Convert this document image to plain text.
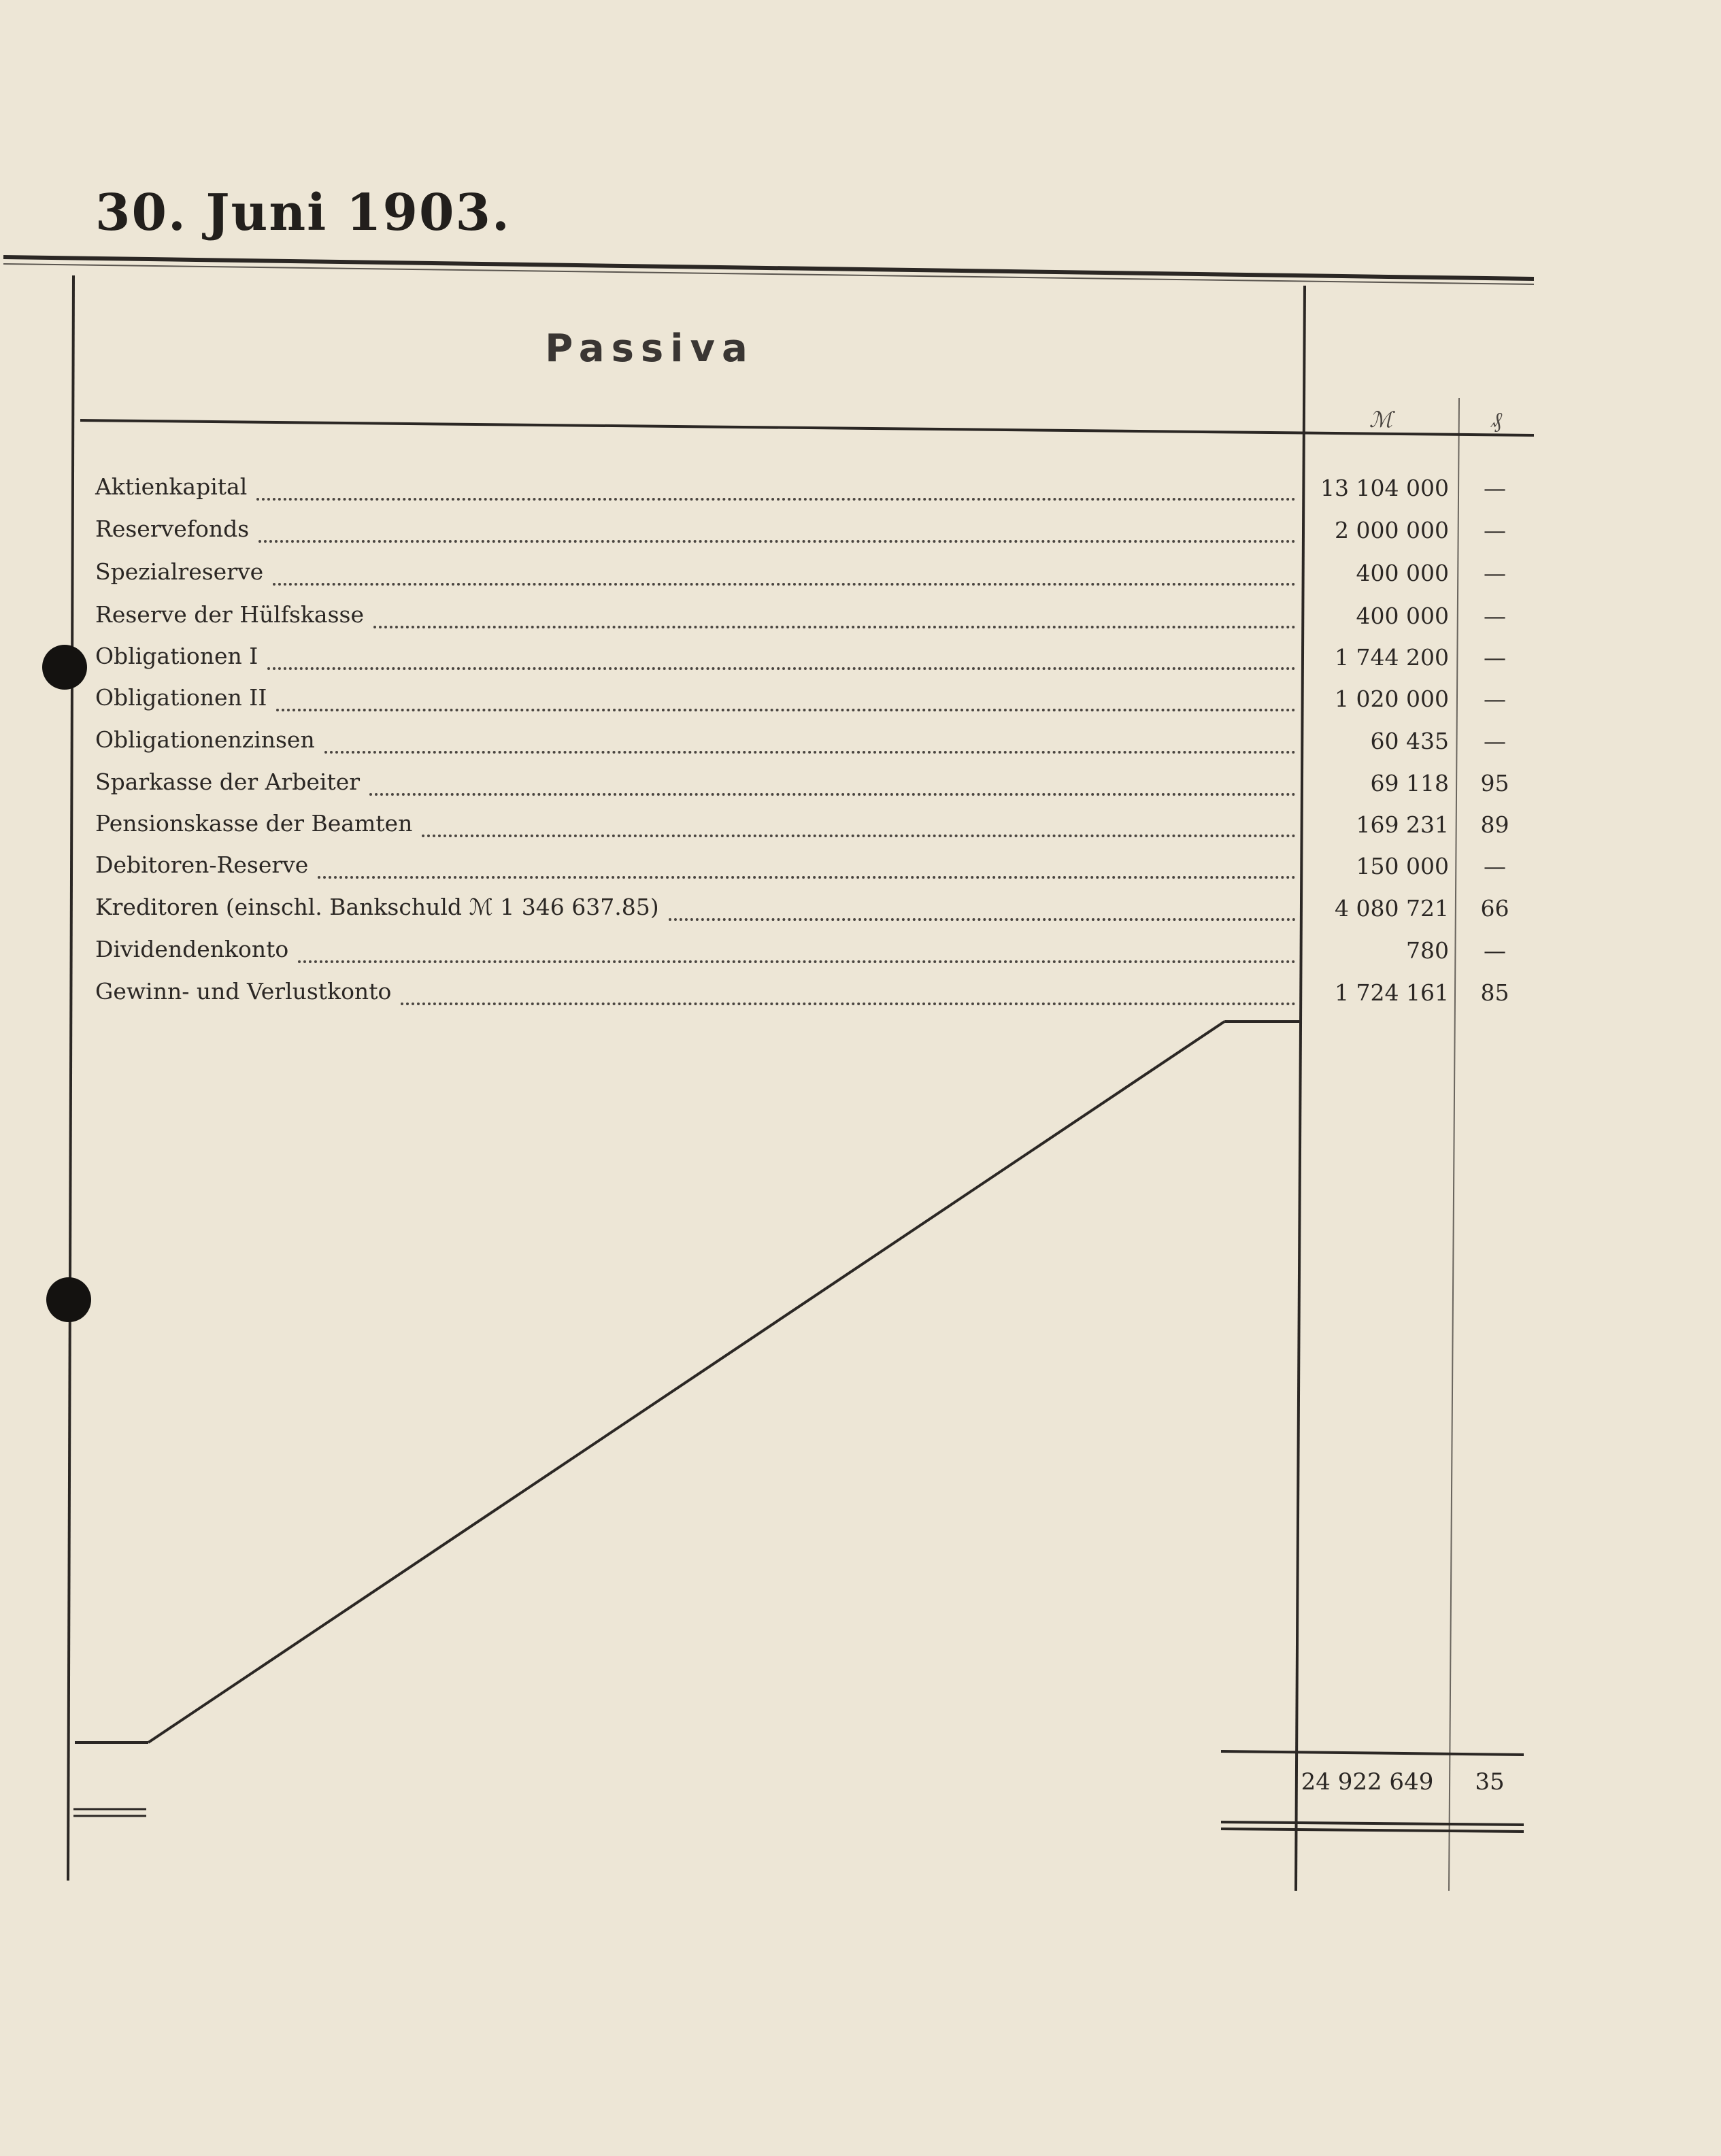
30. Juni 1903.
Passiva
ℳ	₰
Aktienkapital	13 104 000	—
Reservefonds	2 000 000	—
Spezialreserve	400 000	—
Reserve der Hülfskasse	400 000	—
Obligationen I	1 744 200	—
Obligationen II	1 020 000	—
Obligationenzinsen	60 435	—
Sparkasse der Arbeiter	69 118	95
Pensionskasse der Beamten	169 231	89
Debitoren-Reserve	150 000	—
Kreditoren (einschl. Bankschuld ℳ 1 346 637.85)	4 080 721	66
Dividendenkonto	780	—
Gewinn- und Verlustkonto	1 724 161	85
24 922 649	35
